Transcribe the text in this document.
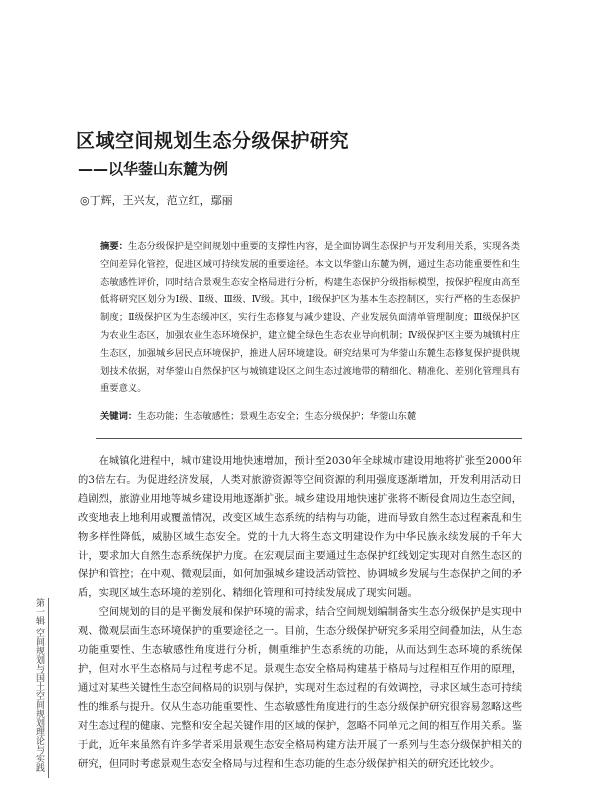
区域空间规划生态分级保护研究
——以华蓥山东麓为例
◎丁辉，王兴友，范立红，鄢丽
摘要：生态分级保护是空间规划中重要的支撑性内容，是全面协调生态保护与开发利用关系，实现各类空间差异化管控，促进区域可持续发展的重要途径。本文以华蓥山东麓为例，通过生态功能重要性和生态敏感性评价，同时结合景观生态安全格局进行分析，构建生态保护分级指标模型，按保护程度由高至低将研究区划分为Ⅰ级、Ⅱ级、Ⅲ级、Ⅳ级。其中，Ⅰ级保护区为基本生态控制区，实行严格的生态保护制度；Ⅱ级保护区为生态缓冲区，实行生态修复与减少建设、产业发展负面清单管理制度；Ⅲ级保护区为农业生态区，加强农业生态环境保护，建立健全绿色生态农业导向机制；Ⅳ级保护区主要为城镇村庄生态区，加强城乡居民点环境保护，推进人居环境建设。研究结果可为华蓥山东麓生态修复保护提供规划技术依据，对华蓥山自然保护区与城镇建设区之间生态过渡地带的精细化、精准化、差别化管理具有重要意义。
关键词：生态功能；生态敏感性；景观生态安全；生态分级保护；华蓥山东麓

在城镇化进程中，城市建设用地快速增加，预计至2030年全球城市建设用地将扩张至2000年的3倍左右。为促进经济发展，人类对旅游资源等空间资源的利用强度逐渐增加，开发利用活动日趋剧烈，旅游业用地等城乡建设用地逐渐扩张。城乡建设用地快速扩张将不断侵食周边生态空间，改变地表上地利用或覆盖情况，改变区域生态系统的结构与功能，进而导致自然生态过程紊乱和生物多样性降低，威胁区域生态安全。党的十九大将生态文明建设作为中华民族永续发展的千年大计，要求加大自然生态系统保护力度。在宏观层面主要通过生态保护红线划定实现对自然生态区的保护和管控；在中观、微观层面，如何加强城乡建设活动管控、协调城乡发展与生态保护之间的矛盾，实现区域生态环境的差别化、精细化管理和可持续发展成了现实问题。

空间规划的目的是平衡发展和保护环境的需求，结合空间规划编制备实生态分级保护是实现中观、微观层面生态环境保护的重要途径之一。目前，生态分级保护研究多采用空间叠加法，从生态功能重要性、生态敏感性角度进行分析，侧重维护生态系统的功能，从而达到生态环境的系统保护，但对水平生态格局与过程考虑不足。景观生态安全格局构建基于格局与过程相互作用的原理，通过对某些关键性生态空间格局的识别与保护，实现对生态过程的有效调控，寻求区域生态可持续性的维系与提升。仅从生态功能重要性、生态敏感性角度进行的生态分级保护研究很容易忽略这些对生态过程的健康、完整和安全起关键作用的区域的保护，忽略不同单元之间的相互作用关系。鉴于此，近年来虽然有许多学者采用景观生态安全格局构建方法开展了一系列与生态分级保护相关的研究，但同时考虑景观生态安全格局与过程和生态功能的生态分级保护相关的研究还比较少。

第一辑 空间规划与国土空间规划理论与实践
